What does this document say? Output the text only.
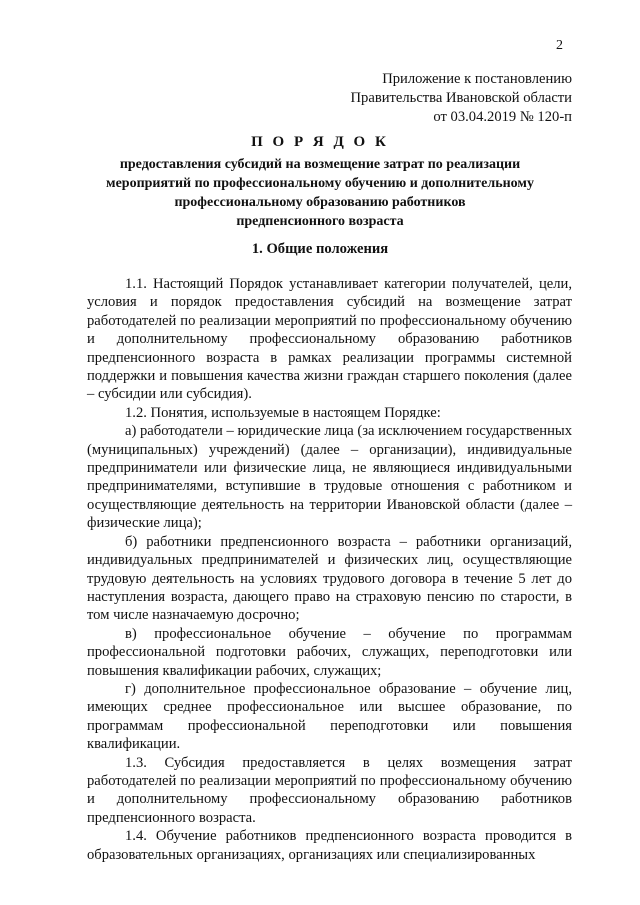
2
Приложение к постановлению
Правительства Ивановской области
от 03.04.2019 № 120-п
П О Р Я Д О К
предоставления субсидий на возмещение затрат по реализации
мероприятий по профессиональному обучению и дополнительному
профессиональному образованию работников
предпенсионного возраста
1. Общие положения

1.1. Настоящий Порядок устанавливает категории получателей, цели, условия и порядок предоставления субсидий на возмещение затрат работодателей по реализации мероприятий по профессиональному обучению и дополнительному профессиональному образованию работников предпенсионного возраста в рамках реализации программы системной поддержки и повышения качества жизни граждан старшего поколения (далее – субсидии или субсидия).

1.2. Понятия, используемые в настоящем Порядке:

а) работодатели – юридические лица (за исключением государственных (муниципальных) учреждений) (далее – организации), индивидуальные предприниматели или физические лица, не являющиеся индивидуальными предпринимателями, вступившие в трудовые отношения с работником и осуществляющие деятельность на территории Ивановской области (далее – физические лица);

б) работники предпенсионного возраста – работники организаций, индивидуальных предпринимателей и физических лиц, осуществляющие трудовую деятельность на условиях трудового договора в течение 5 лет до наступления возраста, дающего право на страховую пенсию по старости, в том числе назначаемую досрочно;

в) профессиональное обучение – обучение по программам профессиональной подготовки рабочих, служащих, переподготовки или повышения квалификации рабочих, служащих;

г) дополнительное профессиональное образование – обучение лиц, имеющих среднее профессиональное или высшее образование, по программам профессиональной переподготовки или повышения квалификации.

1.3. Субсидия предоставляется в целях возмещения затрат работодателей по реализации мероприятий по профессиональному обучению и дополнительному профессиональному образованию работников предпенсионного возраста.

1.4. Обучение работников предпенсионного возраста проводится в образовательных организациях, организациях или специализированных
